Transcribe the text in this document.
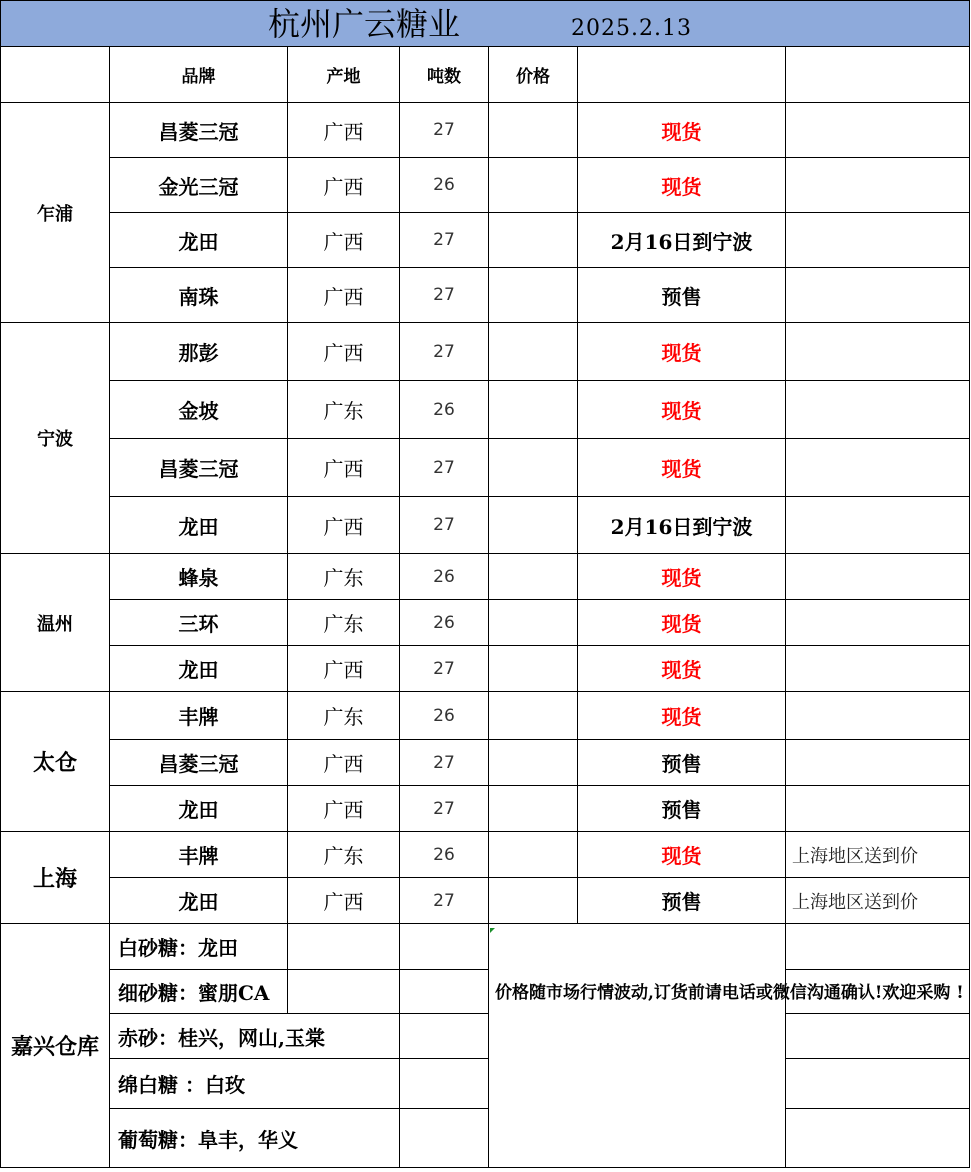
杭州广云糖业	2025.2.13
品牌	产地	吨数	价格
乍浦
昌菱三冠	广西	27	现货
金光三冠	广西	26	现货
龙田	广西	27	2月16日到宁波
南珠	广西	27	预售
宁波
那彭	广西	27	现货
金坡	广东	26	现货
昌菱三冠	广西	27	现货
龙田	广西	27	2月16日到宁波
温州
蜂泉	广东	26	现货
三环	广东	26	现货
龙田	广西	27	现货
太仓
丰牌	广东	26	现货
昌菱三冠	广西	27	预售
龙田	广西	27	预售
上海
丰牌	广东	26	现货	上海地区送到价
龙田	广西	27	预售	上海地区送到价
嘉兴仓库
白砂糖：龙田
细砂糖：蜜朋CA
赤砂：桂兴，网山,玉棠
绵白糖 ：白玫
葡萄糖：阜丰，华义
价格随市场行情波动, 订货前请电话或微信沟通确认! 欢迎采购 !
